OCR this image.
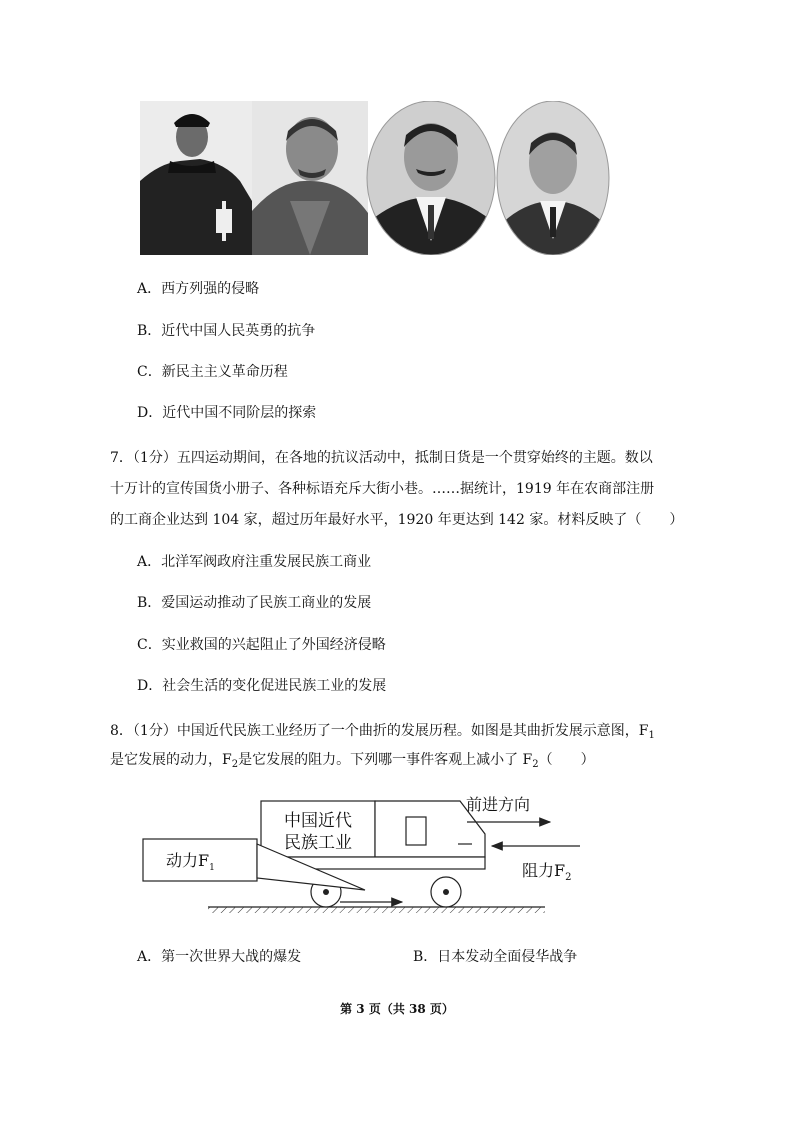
A．西方列强的侵略
B．近代中国人民英勇的抗争
C．新民主主义革命历程
D．近代中国不同阶层的探索
7．（1分）五四运动期间，在各地的抗议活动中，抵制日货是一个贯穿始终的主题。数以
十万计的宣传国货小册子、各种标语充斥大街小巷。……据统计，1919 年在农商部注册
的工商企业达到 104 家，超过历年最好水平，1920 年更达到 142 家。材料反映了（　　）
A．北洋军阀政府注重发展民族工商业
B．爱国运动推动了民族工商业的发展
C．实业救国的兴起阻止了外国经济侵略
D．社会生活的变化促进民族工业的发展
8．（1分）中国近代民族工业经历了一个曲折的发展历程。如图是其曲折发展示意图，$F_1$
是它发展的动力，$F_2$是它发展的阻力。下列哪一事件客观上减小了 $F_2$（　　）
中国近代
民族工业
前进方向
阻力$F_2$
动力$F_1$
A．第一次世界大战的爆发	B．日本发动全面侵华战争
第 3 页（共 38 页）
